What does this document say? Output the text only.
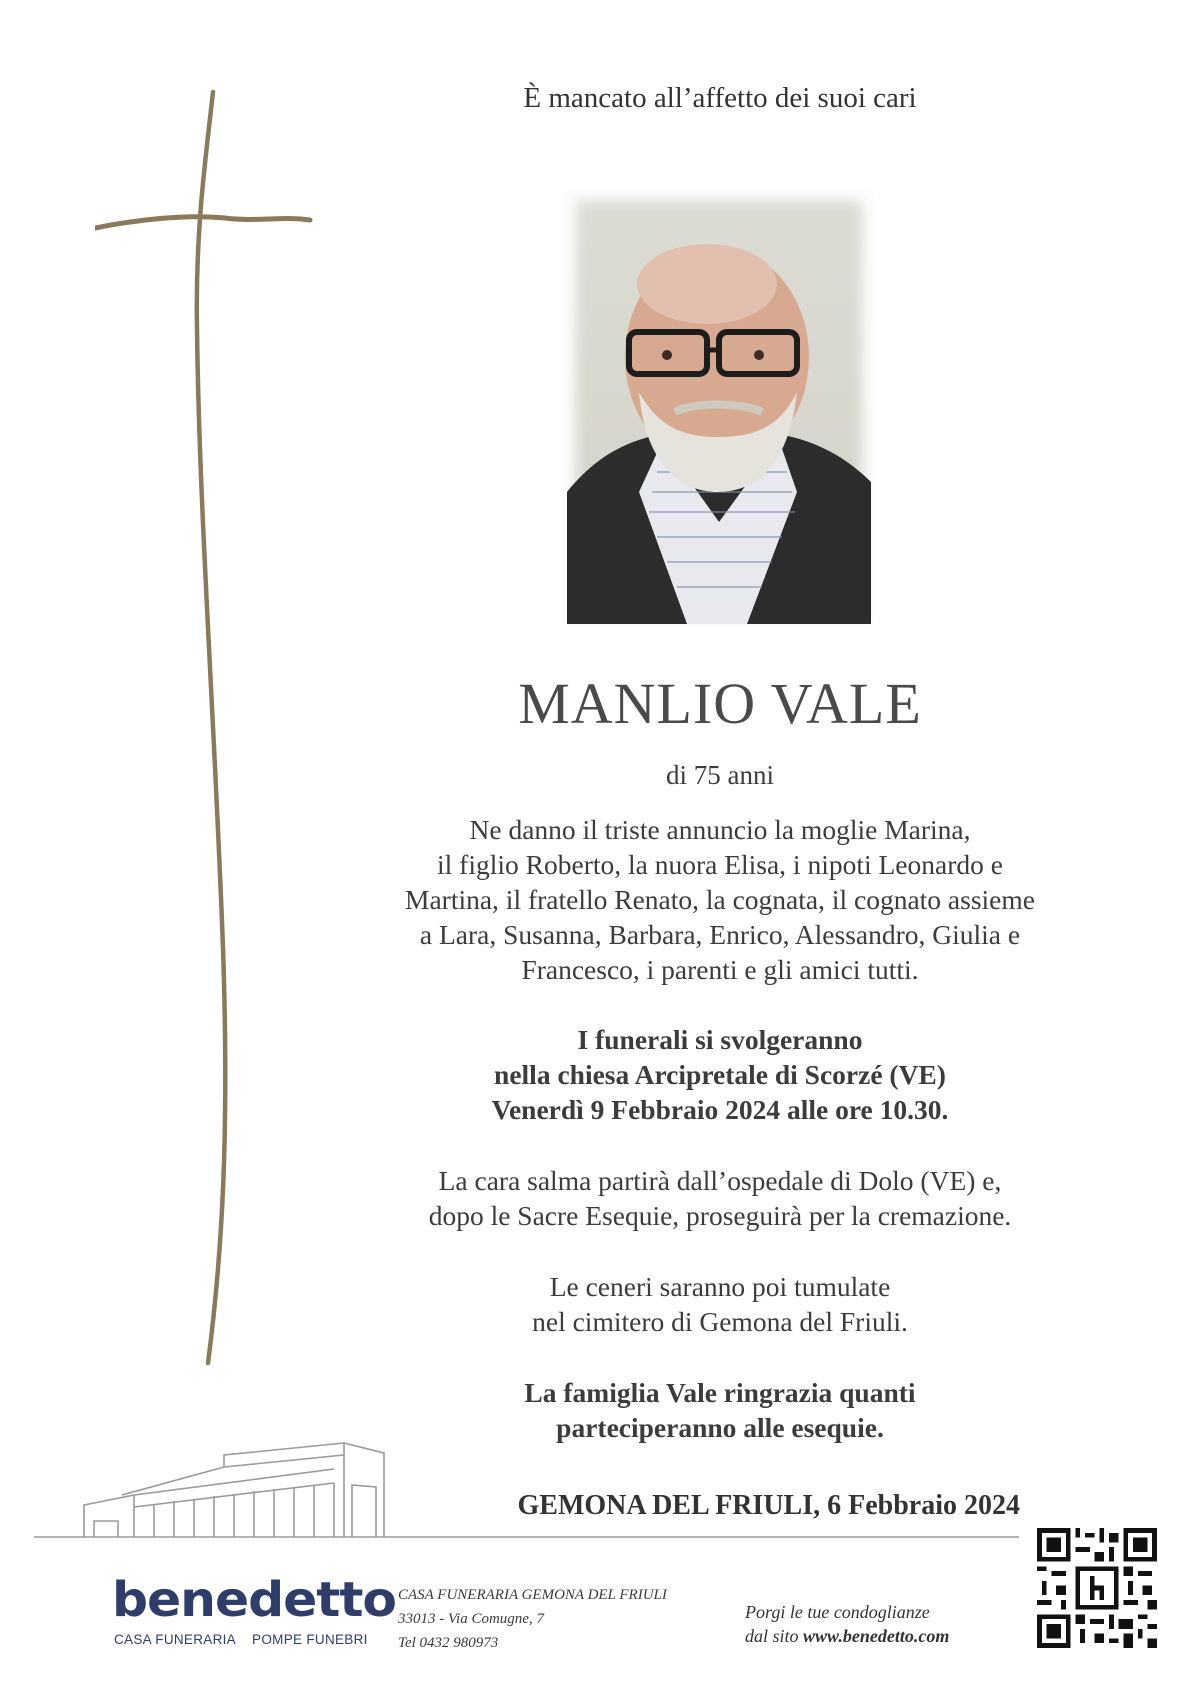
È mancato all’affetto dei suoi cari
MANLIO VALE
di 75 anni
Ne danno il triste annuncio la moglie Marina,
il figlio Roberto, la nuora Elisa, i nipoti Leonardo e
Martina, il fratello Renato, la cognata, il cognato assieme
a Lara, Susanna, Barbara, Enrico, Alessandro, Giulia e
Francesco, i parenti e gli amici tutti.
I funerali si svolgeranno
nella chiesa Arcipretale di Scorzé (VE)
Venerdì 9 Febbraio 2024 alle ore 10.30.
La cara salma partirà dall’ospedale di Dolo (VE) e,
dopo le Sacre Esequie, proseguirà per la cremazione.
Le ceneri saranno poi tumulate
nel cimitero di Gemona del Friuli.
La famiglia Vale ringrazia quanti
parteciperanno alle esequie.
GEMONA DEL FRIULI, 6 Febbraio 2024
benedetto
CASA FUNERARIA POMPE FUNEBRI
CASA FUNERARIA GEMONA DEL FRIULI
33013 - Via Comugne, 7
Tel 0432 980973
Porgi le tue condoglianze
dal sito www.benedetto.com
